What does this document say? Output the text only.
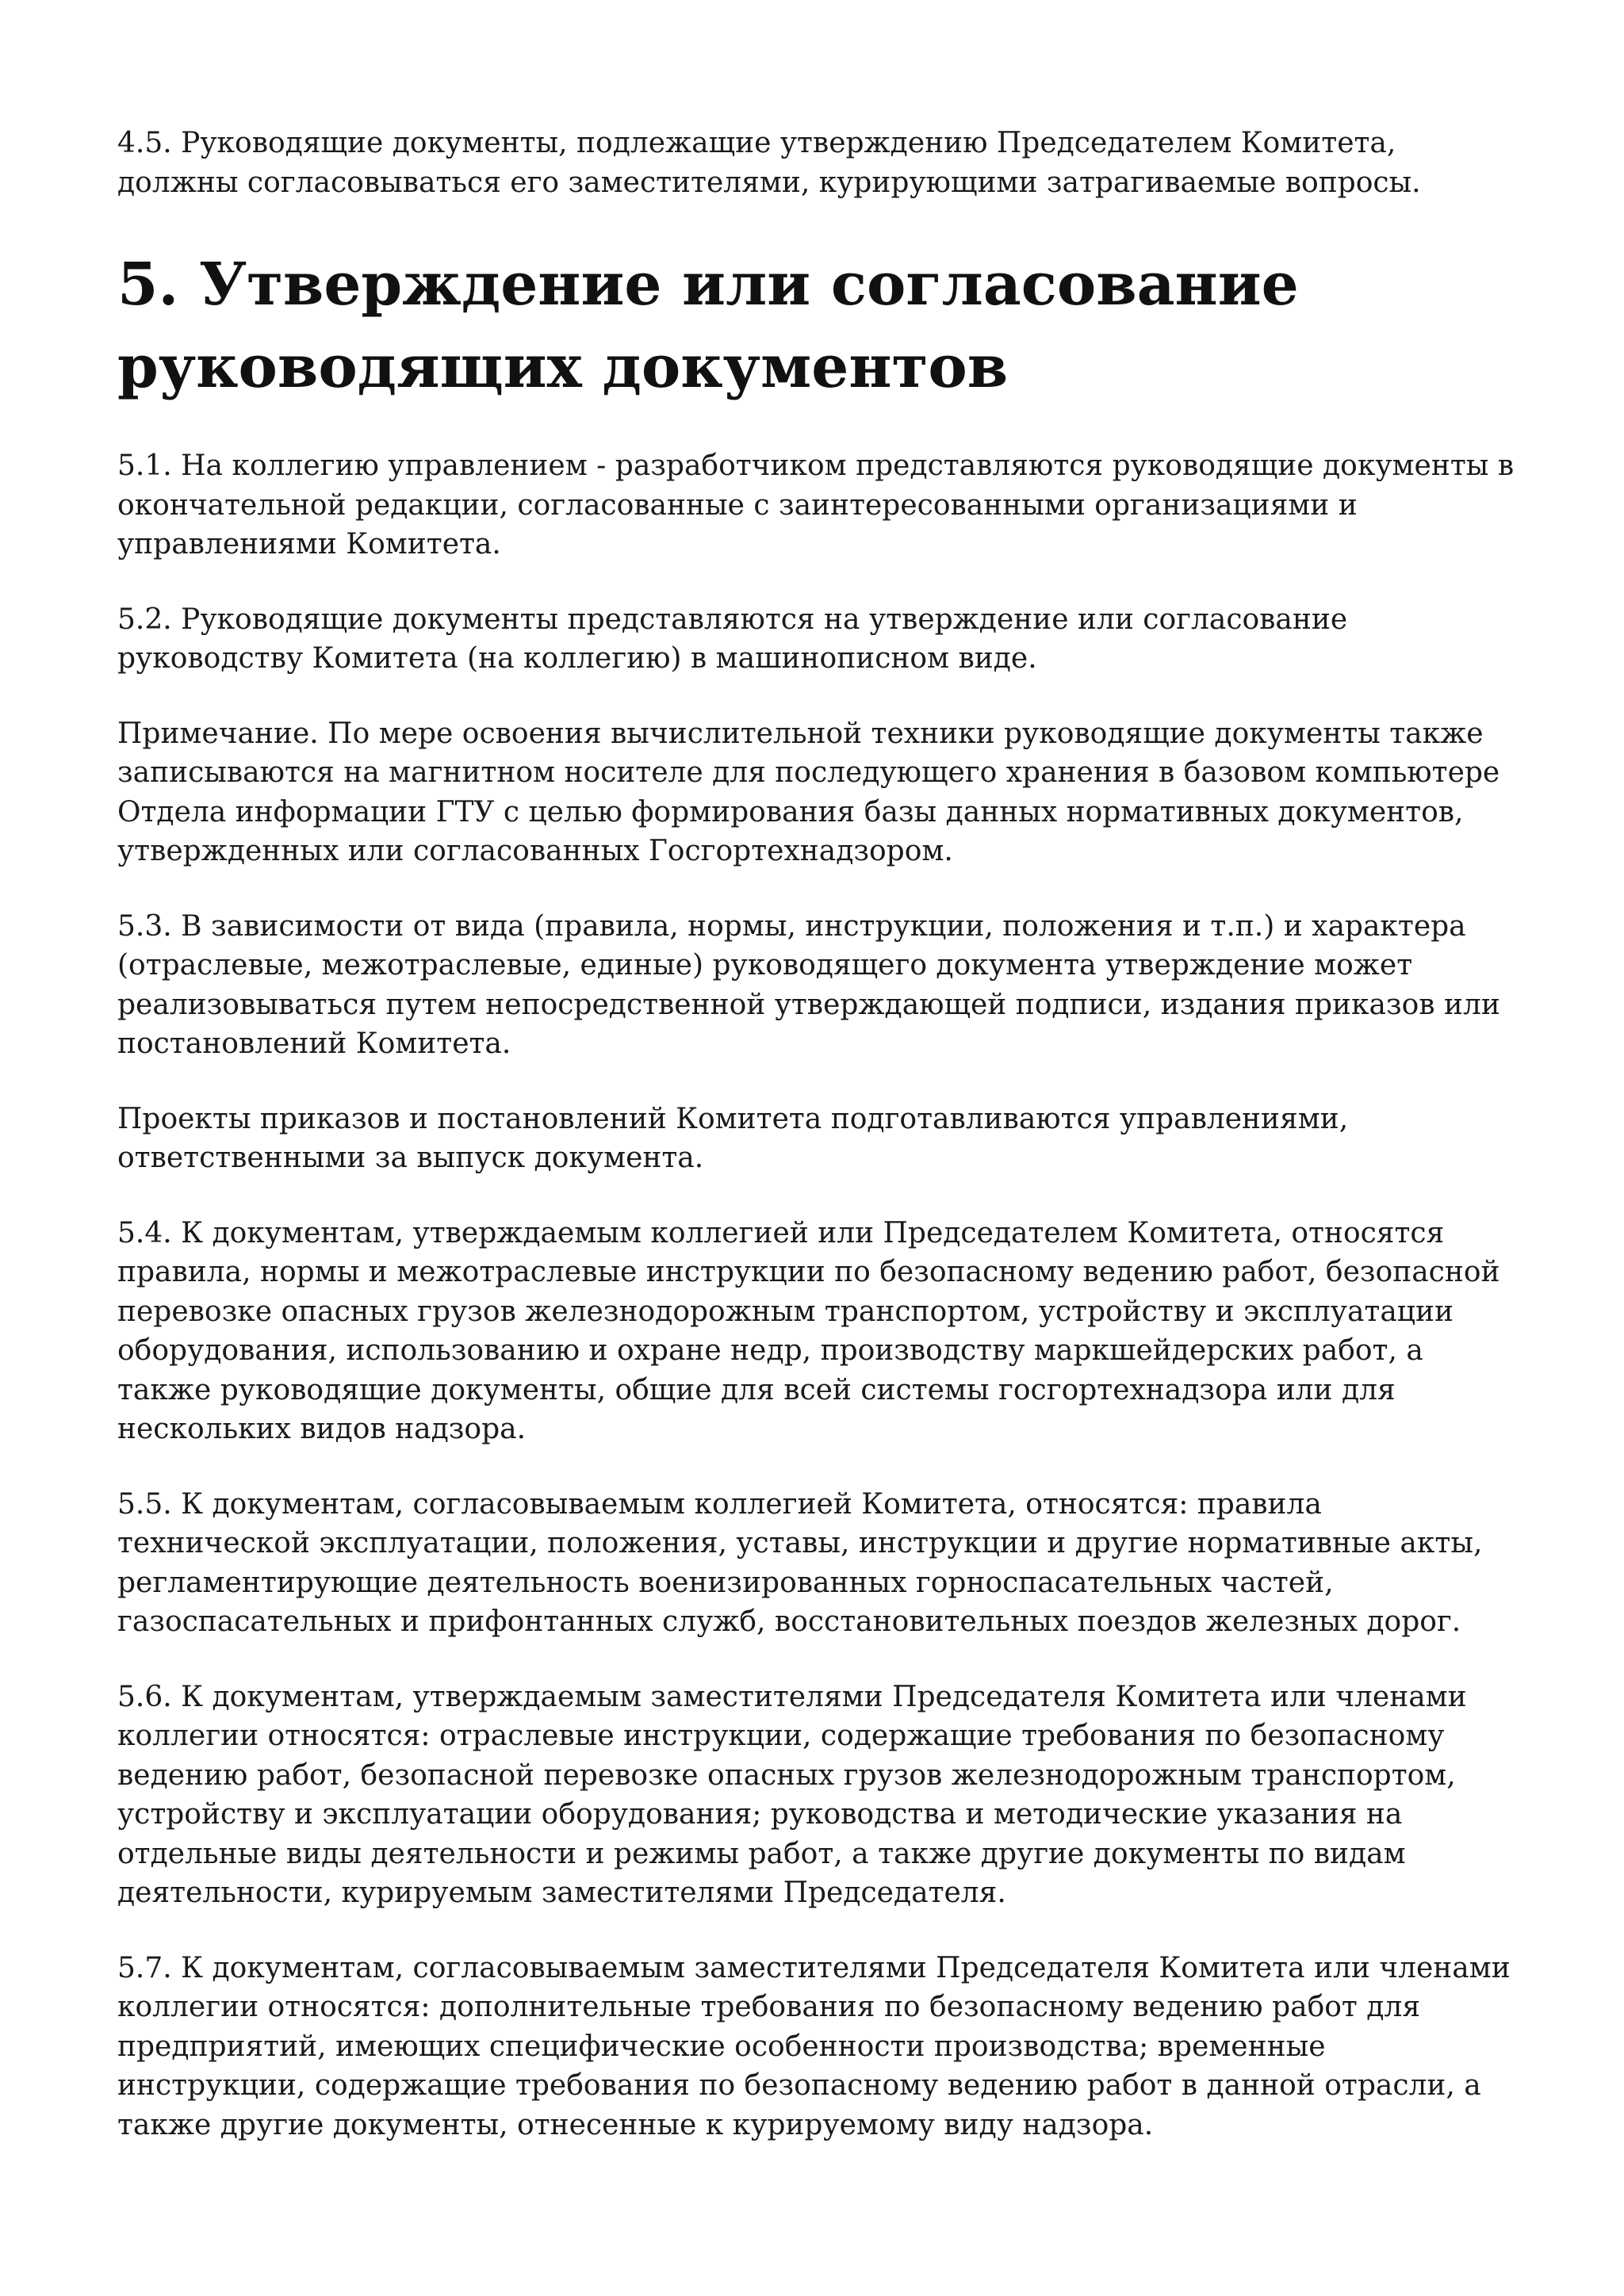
4.5. Руководящие документы, подлежащие утверждению Председателем Комитета, должны согласовываться его заместителями, курирующими затрагиваемые вопросы.

5. Утверждение или согласование руководящих документов

5.1. На коллегию управлением - разработчиком представляются руководящие документы в окончательной редакции, согласованные с заинтересованными организациями и управлениями Комитета.

5.2. Руководящие документы представляются на утверждение или согласование руководству Комитета (на коллегию) в машинописном виде.

Примечание. По мере освоения вычислительной техники руководящие документы также записываются на магнитном носителе для последующего хранения в базовом компьютере Отдела информации ГТУ с целью формирования базы данных нормативных документов, утвержденных или согласованных Госгортехнадзором.

5.3. В зависимости от вида (правила, нормы, инструкции, положения и т.п.) и характера (отраслевые, межотраслевые, единые) руководящего документа утверждение может реализовываться путем непосредственной утверждающей подписи, издания приказов или постановлений Комитета.

Проекты приказов и постановлений Комитета подготавливаются управлениями, ответственными за выпуск документа.

5.4. К документам, утверждаемым коллегией или Председателем Комитета, относятся правила, нормы и межотраслевые инструкции по безопасному ведению работ, безопасной перевозке опасных грузов железнодорожным транспортом, устройству и эксплуатации оборудования, использованию и охране недр, производству маркшейдерских работ, а также руководящие документы, общие для всей системы госгортехнадзора или для нескольких видов надзора.

5.5. К документам, согласовываемым коллегией Комитета, относятся: правила технической эксплуатации, положения, уставы, инструкции и другие нормативные акты, регламентирующие деятельность военизированных горноспасательных частей, газоспасательных и прифонтанных служб, восстановительных поездов железных дорог.

5.6. К документам, утверждаемым заместителями Председателя Комитета или членами коллегии относятся: отраслевые инструкции, содержащие требования по безопасному ведению работ, безопасной перевозке опасных грузов железнодорожным транспортом, устройству и эксплуатации оборудования; руководства и методические указания на отдельные виды деятельности и режимы работ, а также другие документы по видам деятельности, курируемым заместителями Председателя.

5.7. К документам, согласовываемым заместителями Председателя Комитета или членами коллегии относятся: дополнительные требования по безопасному ведению работ для предприятий, имеющих специфические особенности производства; временные инструкции, содержащие требования по безопасному ведению работ в данной отрасли, а также другие документы, отнесенные к курируемому виду надзора.
